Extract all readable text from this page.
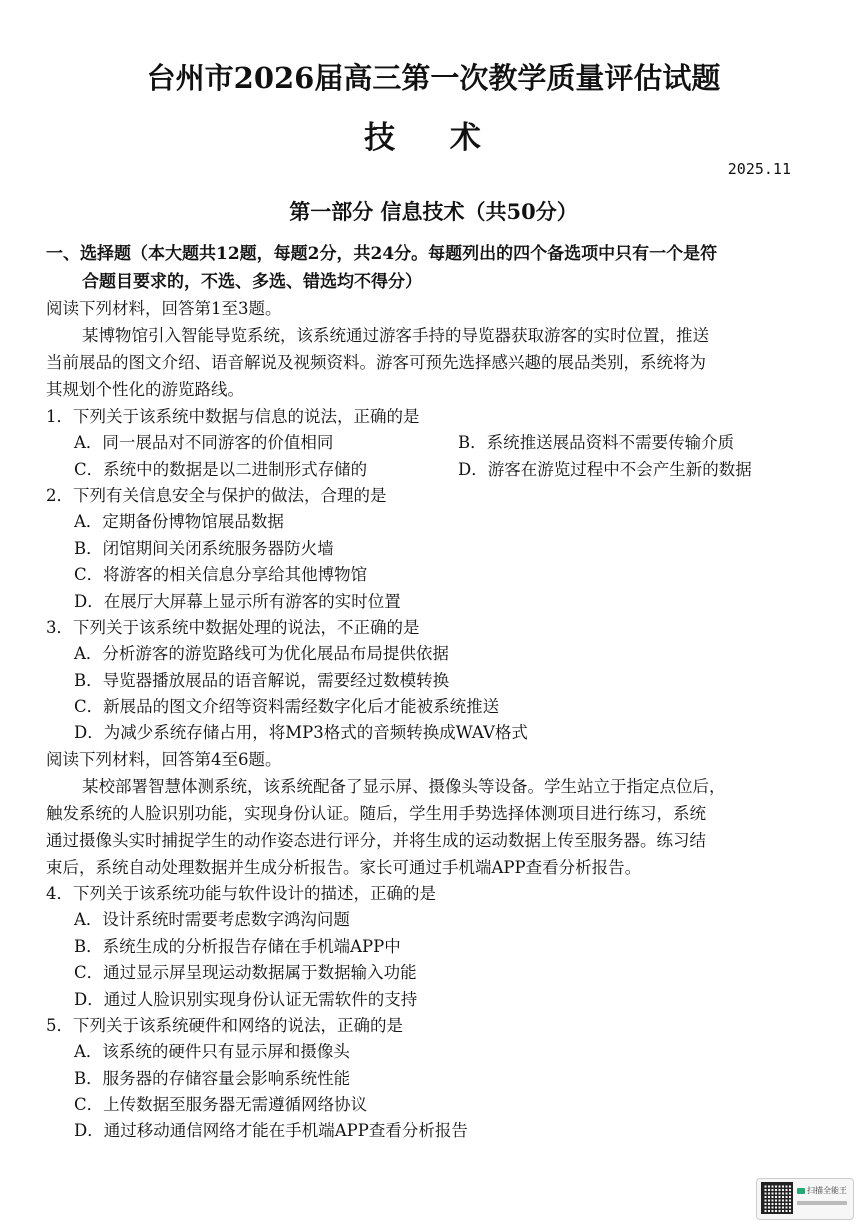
台州市2026届高三第一次教学质量评估试题
技 术
2025.11
第一部分 信息技术（共50分）
一、选择题（本大题共12题，每题2分，共24分。每题列出的四个备选项中只有一个是符
合题目要求的，不选、多选、错选均不得分）
阅读下列材料，回答第1至3题。
某博物馆引入智能导览系统，该系统通过游客手持的导览器获取游客的实时位置，推送
当前展品的图文介绍、语音解说及视频资料。游客可预先选择感兴趣的展品类别，系统将为
其规划个性化的游览路线。
1．下列关于该系统中数据与信息的说法，正确的是
A．同一展品对不同游客的价值相同	B．系统推送展品资料不需要传输介质
C．系统中的数据是以二进制形式存储的	D．游客在游览过程中不会产生新的数据
2．下列有关信息安全与保护的做法，合理的是
A．定期备份博物馆展品数据
B．闭馆期间关闭系统服务器防火墙
C．将游客的相关信息分享给其他博物馆
D．在展厅大屏幕上显示所有游客的实时位置
3．下列关于该系统中数据处理的说法，不正确的是
A．分析游客的游览路线可为优化展品布局提供依据
B．导览器播放展品的语音解说，需要经过数模转换
C．新展品的图文介绍等资料需经数字化后才能被系统推送
D．为减少系统存储占用，将MP3格式的音频转换成WAV格式
阅读下列材料，回答第4至6题。
某校部署智慧体测系统，该系统配备了显示屏、摄像头等设备。学生站立于指定点位后，
触发系统的人脸识别功能，实现身份认证。随后，学生用手势选择体测项目进行练习，系统
通过摄像头实时捕捉学生的动作姿态进行评分，并将生成的运动数据上传至服务器。练习结
束后，系统自动处理数据并生成分析报告。家长可通过手机端APP查看分析报告。
4．下列关于该系统功能与软件设计的描述，正确的是
A．设计系统时需要考虑数字鸿沟问题
B．系统生成的分析报告存储在手机端APP中
C．通过显示屏呈现运动数据属于数据输入功能
D．通过人脸识别实现身份认证无需软件的支持
5．下列关于该系统硬件和网络的说法，正确的是
A．该系统的硬件只有显示屏和摄像头
B．服务器的存储容量会影响系统性能
C．上传数据至服务器无需遵循网络协议
D．通过移动通信网络才能在手机端APP查看分析报告
扫描全能王
